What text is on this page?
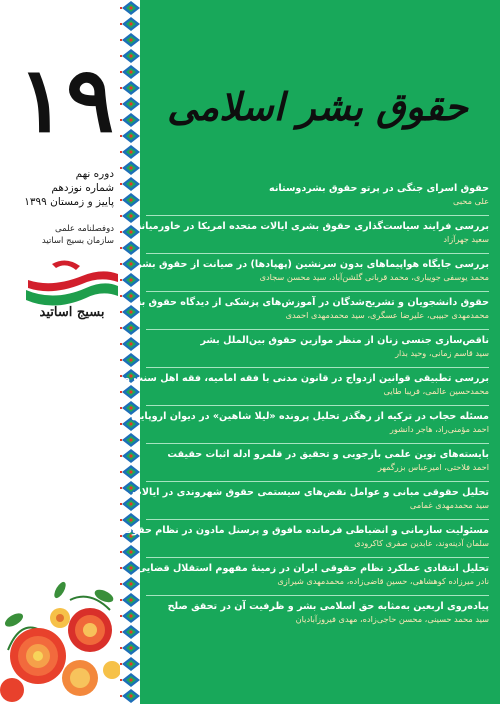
۱۹
دوره نهم
شماره نوزدهم
پاییز و زمستان ۱۳۹۹
دوفصلنامه علمی
سازمان بسیج اساتید
بسیج اساتید
حقوق بشر اسلامی
حقوق اسرای جنگی در پرتو حقوق بشردوستانه
علی محبی
بررسی فرایند سیاست‌گذاری حقوق بشری ایالات متحده امریکا در خاورمیانه
سعید جهرآزاد
بررسی جایگاه هواپیماهای بدون سرنشین (پهپادها) در صیانت از حقوق بشر
محمد یوسفی جویباری، محمد قربانی گلشن‌آباد، سید محسن سجادی
حقوق دانشجویان و تشریح‌شدگان در آموزش‌های پزشکی از دیدگاه حقوق بشر اسلامی
محمدمهدی حبیبی، علیرضا عسگری، سید محمدمهدی احمدی
ناقص‌سازی جنسی زنان از منظر موازین حقوق بین‌الملل بشر
سید قاسم زمانی، وحید بذار
بررسی تطبیقی قوانین ازدواج در قانون مدنی با فقه امامیه، فقه اهل سنت و قانون مصر
محمدحسین عالمی، فریبا طایی
مسئله حجاب در ترکیه از رهگذر تحلیل پرونده «لیلا شاهین» در دیوان اروپایی حقوق بشر
احمد مؤمنی‌راد، هاجر دانشور
بایسته‌های نوین علمی بازجویی و تحقیق در قلمرو ادله اثبات حقیقت
احمد فلاحتی، امیرعباس بزرگمهر
تحلیل حقوقی مبانی و عوامل نقض‌های سیستمی حقوق شهروندی در ایالات متحده امریکا
سید محمدمهدی غمامی
مسئولیت سازمانی و انضباطی فرمانده مافوق و پرسنل مادون در نظام حقوقی ایران
سلمان آدینه‌وند، عابدین صفری کاکرودی
تحلیل انتقادی عملکرد نظام حقوقی ایران در زمینهٔ مفهوم استقلال قضایی
نادر میرزاده کوهشاهی، حسین قاضی‌زاده، محمدمهدی شیرازی
پیاده‌روی اربعین به‌مثابه حق اسلامی بشر و ظرفیت آن در تحقق صلح
سید محمد حسینی، محسن حاجی‌زاده، مهدی فیروزآبادیان
